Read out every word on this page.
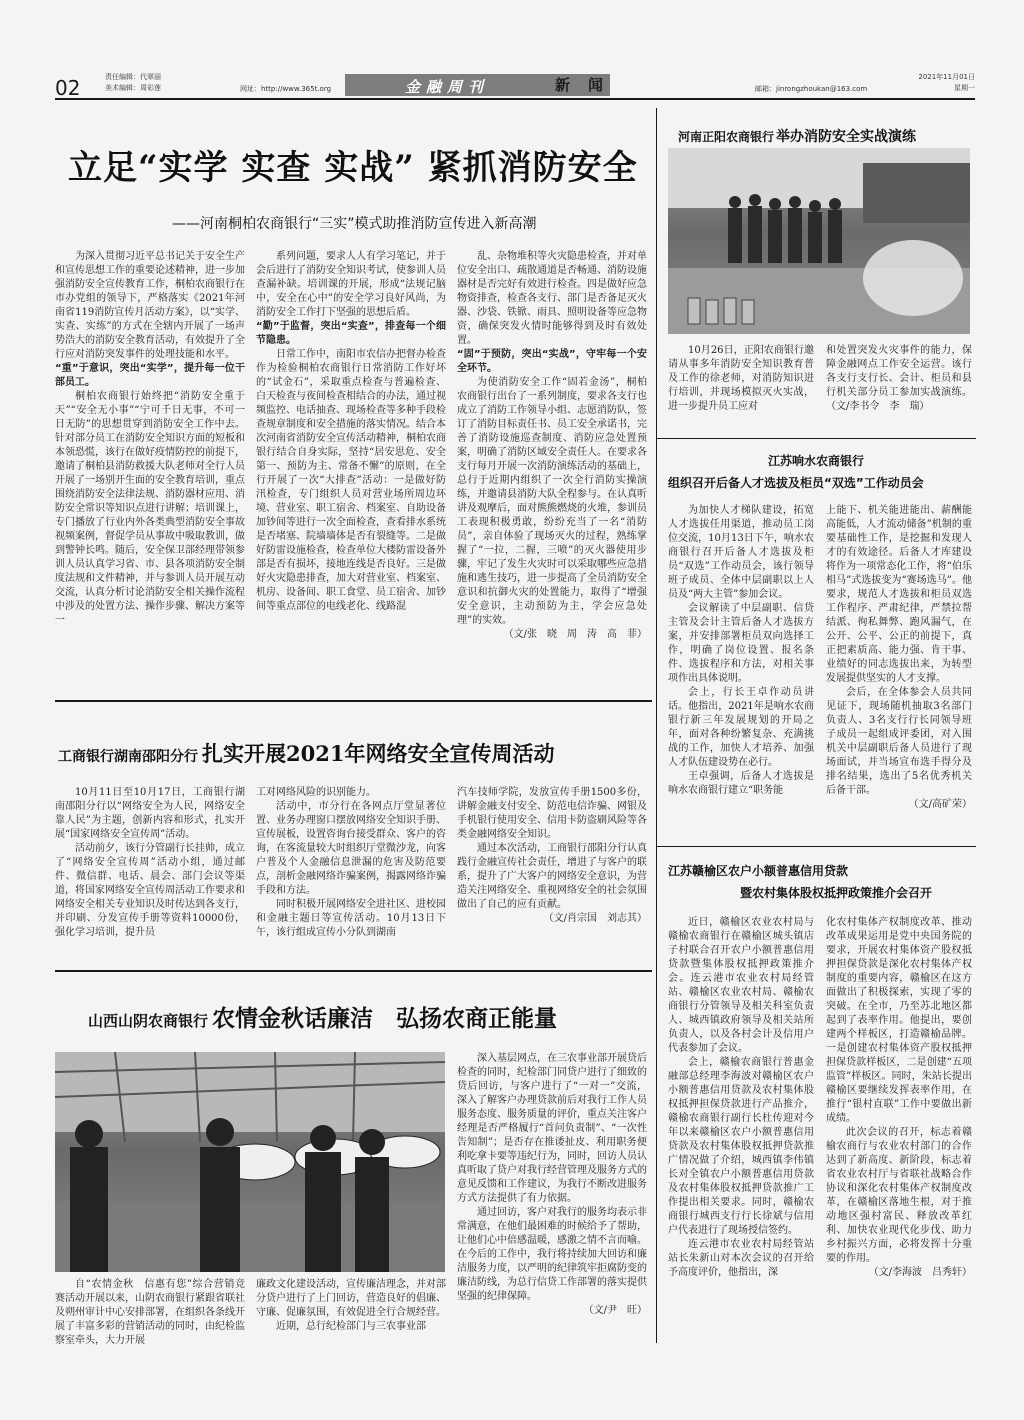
02	责任编辑：代翠丽
美术编辑：周彩莲	网址：http://www.365t.org	金融周刊	新闻	邮箱：jinrongzhoukan@163.com
2021年11月01日
星期一
立足“实学 实查 实战” 紧抓消防安全
——河南桐柏农商银行“三实”模式助推消防宣传进入新高潮

为深入贯彻习近平总书记关于安全生产和宣传思想工作的重要论述精神，进一步加强消防安全宣传教育工作，桐柏农商银行在市办党组的领导下，严格落实《2021年河南省119消防宣传月活动方案》，以“实学、实查、实练”的方式在全辖内开展了一场声势浩大的消防安全教育活动，有效提升了全行应对消防突发事件的处理技能和水平。

“重”于意识，突出“实学”，提升每一位干部员工。

桐柏农商银行始终把“消防安全重于天”“安全无小事”“宁可千日无事，不可一日无防”的思想贯穿到消防安全工作中去。针对部分员工在消防安全知识方面的短板和本领恐慌，该行在做好疫情防控的前提下，邀请了桐柏县消防救援大队老师对全行人员开展了一场别开生面的安全教育培训，重点围绕消防安全法律法规、消防器材应用、消防安全常识等知识点进行讲解；培训课上，专门播放了行业内外各类典型消防安全事故视频案例，督促学员从事故中吸取教训，做到警钟长鸣。随后，安全保卫部经理带领参训人员认真学习省、市、县各项消防安全制度法规和文件精神，并与参训人员开展互动交流，认真分析讨论消防安全相关操作流程中涉及的处置方法、操作步骤、解决方案等一

系列问题，要求人人有学习笔记，并于会后进行了消防安全知识考试，使参训人员查漏补缺。培训课的开展，形成“法规记脑中，安全在心中”的安全学习良好风尚，为消防安全工作打下坚强的思想后盾。

“勤”于监督，突出“实查”，排查每一个细节隐患。

日常工作中，南阳市农信办把督办检查作为检验桐柏农商银行日常消防工作好坏的“试金石”，采取重点检查与普遍检查、白天检查与夜间检查相结合的办法，通过视频监控、电话抽查、现场检查等多种手段检查规章制度和安全措施的落实情况。结合本次河南省消防安全宣传活动精神，桐柏农商银行结合自身实际，坚持“居安思危、安全第一、预防为主、常备不懈”的原则，在全行开展了一次“大排查”活动：一是做好防汛检查，专门组织人员对营业场所周边环境、营业室、职工宿舍、档案室、自助设备加钞间等进行一次全面检查，查看排水系统是否堵塞、院墙墙体是否有裂缝等。二是做好防雷设施检查，检查单位大楼防雷设备外部是否有损坏，接地连线是否良好。三是做好火灾隐患排查，加大对营业室、档案室、机房、设备间、职工食堂、员工宿舍、加钞间等重点部位的电线老化、线路混

乱、杂物堆积等火灾隐患检查，并对单位安全出口、疏散通道是否畅通、消防设施器材是否完好有效进行检查。四是做好应急物资排查，检查各支行、部门是否备足灭火器、沙袋、铁锨、雨具、照明设备等应急物资，确保突发火情时能够得到及时有效处置。

“固”于预防，突出“实战”，守牢每一个安全环节。

为使消防安全工作“固若金汤”，桐柏农商银行出台了一系列制度，要求各支行也成立了消防工作领导小组、志愿消防队，签订了消防目标责任书、员工安全承诺书，完善了消防设施巡查制度、消防应急处置预案，明确了消防区域安全责任人。在要求各支行每月开展一次消防演练活动的基础上，总行于近期内组织了一次全行消防实操演练，并邀请县消防大队全程参与。在认真听讲及观摩后，面对熊熊燃烧的火堆，参训员工表现积极勇敢，纷纷充当了一名“消防员”，亲自体验了现场灭火的过程，熟练掌握了“一拉，二握，三喷”的灭火器使用步骤，牢记了发生火灾时可以采取哪些应急措施和逃生技巧，进一步提高了全员消防安全意识和抗御火灾的处置能力，取得了“增强安全意识，主动预防为主，学会应急处理”的实效。

（文/张　晓　周　涛　高　菲）

河南正阳农商银行 举办消防安全实战演练

10月26日，正阳农商银行邀请从事多年消防安全知识教育普及工作的徐老师，对消防知识进行培训，并现场模拟灭火实战，进一步提升员工应对

和处置突发火灾事件的能力，保障金融网点工作安全运营。该行各支行支行长、会计、柜员和县行机关部分员工参加实战演练。（文/李书令　李　瑞）

江苏响水农商银行
组织召开后备人才选拔及柜员“双选”工作动员会

为加快人才梯队建设，拓宽人才选拔任用渠道，推动员工岗位交流，10月13日下午，响水农商银行召开后备人才选拔及柜员“双选”工作动员会，该行领导班子成员、全体中层副职以上人员及“两大主管”参加会议。

会议解读了中层副职、信贷主管及会计主管后备人才选拔方案，并安排部署柜员双向选择工作，明确了岗位设置、报名条件、选拔程序和方法，对相关事项作出具体说明。

会上，行长王卓作动员讲话。他指出，2021年是响水农商银行新三年发展规划的开局之年，面对各种纷繁复杂、充满挑战的工作，加快人才培养、加强人才队伍建设势在必行。

王卓强调，后备人才选拔是响水农商银行建立“职务能

上能下、机关能进能出、薪酬能高能低，人才流动储备”机制的重要基础性工作，是挖掘和发现人才的有效途径。后备人才库建设将作为一项常态化工作，将“伯乐相马”式选拔变为“赛场选马”。他要求，规范人才选拔和柜员双选工作程序、严肃纪律，严禁拉帮结派、徇私舞弊、跑风漏气，在公开、公平、公正的前提下，真正把素质高、能力强、肯干事、业绩好的同志选拔出来，为转型发展提供坚实的人才支撑。

会后，在全体参会人员共同见证下，现场随机抽取3名部门负责人、3名支行行长同领导班子成员一起组成评委团，对入围机关中层副职后备人员进行了现场面试，并当场宣布选手得分及排名结果，选出了5名优秀机关后备干部。

（文/高矿荣）

工商银行湖南邵阳分行 扎实开展2021年网络安全宣传周活动

10月11日至10月17日，工商银行湖南邵阳分行以“网络安全为人民，网络安全靠人民”为主题，创新内容和形式，扎实开展“国家网络安全宣传周”活动。

活动前夕，该行分管副行长挂帅，成立了“网络安全宣传周”活动小组，通过邮件、微信群、电话、晨会、部门会议等渠道，将国家网络安全宣传周活动工作要求和网络安全相关专业知识及时传达到各支行，并印刷、分发宣传手册等资料10000份，强化学习培训，提升员

工对网络风险的识别能力。

活动中，市分行在各网点厅堂显著位置、业务办理窗口摆放网络安全知识手册、宣传展板，设置咨询台接受群众、客户的咨询，在客流量较大时组织厅堂微沙龙，向客户普及个人金融信息泄漏的危害及防范要点，剖析金融网络诈骗案例，揭露网络诈骗手段和方法。

同时积极开展网络安全进社区、进校园和金融主题日等宣传活动。10月13日下午，该行组成宣传小分队到湖南

汽车技师学院，发放宣传手册1500多份，讲解金融支付安全、防范电信诈骗、网银及手机银行使用安全、信用卡防盗刷风险等各类金融网络安全知识。

通过本次活动，工商银行邵阳分行认真践行金融宣传社会责任，增进了与客户的联系，提升了广大客户的网络安全意识，为营造关注网络安全、重视网络安全的社会氛围做出了自己的应有贡献。

（文/肖宗国　刘志其）

山西山阴农商银行 农情金秋话廉洁　弘扬农商正能量

深入基层网点，在三农事业部开展贷后检查的同时，纪检部门同贷户进行了细致的贷后回访，与客户进行了“一对一”交流，深入了解客户办理贷款前后对我行工作人员服务态度、服务质量的评价，重点关注客户经理是否严格履行“首问负责制”、“一次性告知制”；是否存在推诿扯皮、利用职务便利吃拿卡要等违纪行为，同时，回访人员认真听取了贷户对我行经营管理及服务方式的意见反馈和工作建议，为我行不断改进服务方式方法提供了有力依据。

通过回访，客户对我行的服务均表示非常满意，在他们最困难的时候给予了帮助，让他们心中倍感温暖，感激之情不言而喻。在今后的工作中，我行将持续加大回访和廉洁服务力度，以严明的纪律筑牢拒腐防变的廉洁防线，为总行信贷工作部署的落实提供坚强的纪律保障。

（文/尹　旺）

自“农情金秋　信惠有您”综合营销竞赛活动开展以来，山阴农商银行紧跟省联社及朔州审计中心安排部署，在组织各条线开展了丰富多彩的营销活动的同时，由纪检监察室牵头，大力开展

廉政文化建设活动，宣传廉洁理念，并对部分贷户进行了上门回访，营造良好的倡廉、守廉、促廉氛围，有效促进全行合规经营。

近期，总行纪检部门与三农事业部

江苏赣榆区农户小额普惠信用贷款
暨农村集体股权抵押政策推介会召开

近日，赣榆区农业农村局与赣榆农商银行在赣榆区城头镇店子村联合召开农户小额普惠信用贷款暨集体股权抵押政策推介会。连云港市农业农村局经管站、赣榆区农业农村局、赣榆农商银行分管领导及相关科室负责人、城西镇政府领导及相关站所负责人，以及各村会计及信用户代表参加了会议。

会上，赣榆农商银行普惠金融部总经理李海波对赣榆区农户小额普惠信用贷款及农村集体股权抵押担保贷款进行产品推介，赣榆农商银行副行长杜传迎对今年以来赣榆区农户小额普惠信用贷款及农村集体股权抵押贷款推广情况做了介绍，城西镇李伟镇长对全镇农户小额普惠信用贷款及农村集体股权抵押贷款推广工作提出相关要求。同时，赣榆农商银行城西支行行长徐斌与信用户代表进行了现场授信签约。

连云港市农业农村局经管站站长朱新山对本次会议的召开给予高度评价，他指出，深

化农村集体产权制度改革、推动改革成果运用是党中央国务院的要求，开展农村集体资产股权抵押担保贷款是深化农村集体产权制度的重要内容，赣榆区在这方面做出了积极探索，实现了零的突破。在全市，乃至苏北地区都起到了表率作用。他提出，要创建两个样板区，打造赣榆品牌。一是创建农村集体资产股权抵押担保贷款样板区，二是创建“五项监管”样板区。同时，朱站长提出赣榆区要继续发挥表率作用，在推行“银村直联”工作中要做出新成绩。

此次会议的召开，标志着赣榆农商行与农业农村部门的合作达到了新高度、新阶段，标志着省农业农村厅与省联社战略合作协议和深化农村集体产权制度改革，在赣榆区落地生根，对于推动地区强村富民、释放改革红利、加快农业现代化步伐、助力乡村振兴方面，必将发挥十分重要的作用。

（文/李海波　吕秀轩）
